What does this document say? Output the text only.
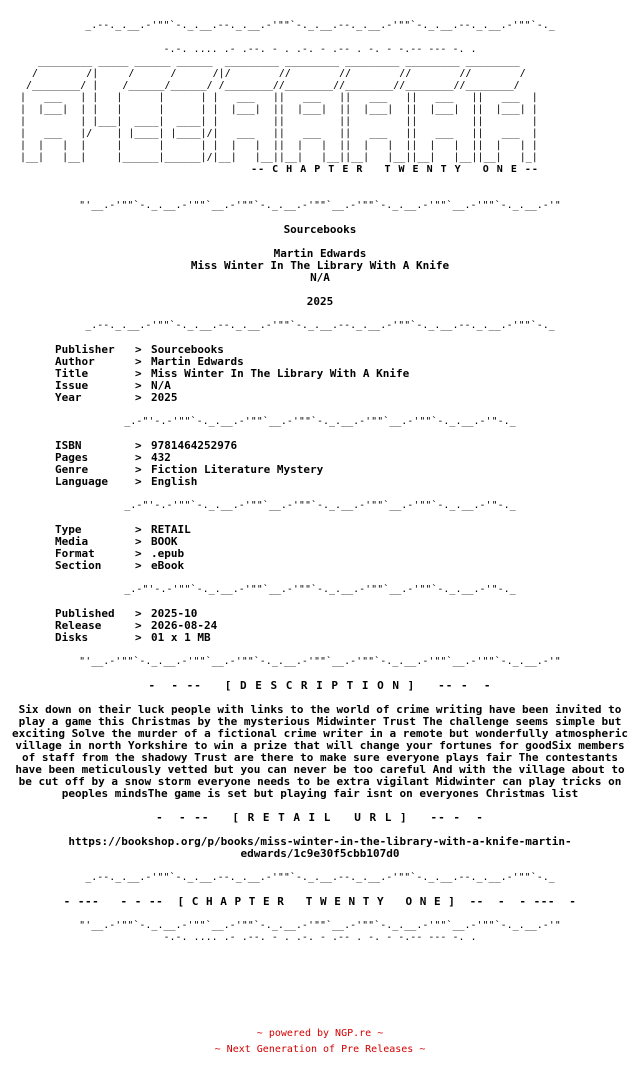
_.--._.__.-'""`-._.__.--._.__.-'""`-._.__.--._.__.-'""`-._.__.--._.__.-'""`-._
-.-. .... .- .--. - . .-. - .-- . -. - -.-- --- -. .
_________ _____ ______ ______  _________ _________ _________ _________ _________
/        /|     /      /      /|/        //        //        //        //        /
/________/ |    /______/______/ /________//________//________//________//________/
|   ___   | |   |      |      | |   ___   ||   ___   ||   ___   ||   ___   ||   ___  |
|  |___|  | |   |      |      | |  |___|  ||  |___|  ||  |___|  ||  |___|  ||  |___| |
|         | |___|  ____|  ____| |         ||         ||         ||         ||        |
|   ___   |/    | |____| |____|/|   ___   ||   ___   ||   ___   ||   ___   ||   ___  |
|  |   |  |     |      |      | |  |   |  ||  |   |  ||  |   |  ||  |   |  ||  |   | |
|__|   |__|     |______|______|/|__|   |__||__|   |__||__|   |__||__|   |__||__|   |_|
-- C H A P T E R   T W E N T Y   O N E --
"'__.-'""`-._.__.-'""`__.-'""`-._.__.-'""`__.-'""`-._.__.-'""`__.-'""`-._.__.-'"
Sourcebooks
Martin Edwards
Miss Winter In The Library With A Knife
N/A
2025
_.--._.__.-'""`-._.__.--._.__.-'""`-._.__.--._.__.-'""`-._.__.--._.__.-'""`-._
Publisher > Sourcebooks
Author	> Martin Edwards
Title	> Miss Winter In The Library With A Knife
Issue	> N/A
Year	> 2025
_.-"'-.-'""`-._.__.-'""`__.-'""`-._.__.-'""`__.-'""`-._.__.-'"-._
ISBN	> 9781464252976
Pages	> 432
Genre	> Fiction Literature Mystery
Language > English
_.-"'-.-'""`-._.__.-'""`__.-'""`-._.__.-'""`__.-'""`-._.__.-'"-._
Type	> RETAIL
Media	> BOOK
Format	> .epub
Section	> eBook
_.-"'-.-'""`-._.__.-'""`__.-'""`-._.__.-'""`__.-'""`-._.__.-'"-._
Published > 2025-10
Release	> 2026-08-24
Disks	> 01 x 1 MB
"'__.-'""`-._.__.-'""`__.-'""`-._.__.-'""`__.-'""`-._.__.-'""`__.-'""`-._.__.-'"
-  - --   [ D E S C R I P T I O N ]   -- -  -
Six down on their luck people with links to the world of crime writing have been invited to play a game this Christmas by the mysterious Midwinter Trust The challenge seems simple but exciting Solve the murder of a fictional crime writer in a remote but wonderfully atmospheric village in north Yorkshire to win a prize that will change your fortunes for goodSix members of staff from the shadowy Trust are there to make sure everyone plays fair The contestants have been meticulously vetted but you can never be too careful And with the village about to be cut off by a snow storm everyone needs to be extra vigilant Midwinter can play tricks on peoples mindsThe game is set but playing fair isnt on everyones Christmas list
-  - --   [ R E T A I L   U R L ]   -- -  -
https://bookshop.org/p/books/miss-winter-in-the-library-with-a-knife-martin-edwards/1c9e30f5cbb107d0
_.--._.__.-'""`-._.__.--._.__.-'""`-._.__.--._.__.-'""`-._.__.--._.__.-'""`-._
- ---   - - --  [ C H A P T E R   T W E N T Y   O N E ]  --  -  - ---  -
"'__.-'""`-._.__.-'""`__.-'""`-._.__.-'""`__.-'""`-._.__.-'""`__.-'""`-._.__.-'"
-.-. .... .- .--. - . .-. - .-- . -. - -.-- --- -. .
~ powered by NGP.re ~
~ Next Generation of Pre Releases ~
